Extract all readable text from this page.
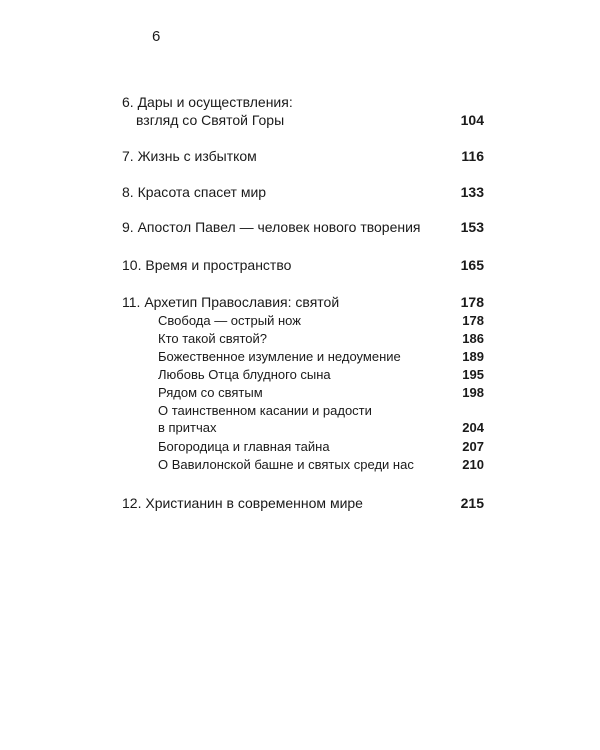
6
6. Дары и осуществления:
взгляд со Святой Горы	104
7. Жизнь с избытком	116
8. Красота спасет мир	133
9. Апостол Павел — человек нового творения	153
10. Время и пространство	165
11. Архетип Православия: святой	178
Свобода — острый нож	178
Кто такой святой?	186
Божественное изумление и недоумение	189
Любовь Отца блудного сына	195
Рядом со святым	198
О таинственном касании и радости
в притчах	204
Богородица и главная тайна	207
О Вавилонской башне и святых среди нас	210
12. Христианин в современном мире	215
